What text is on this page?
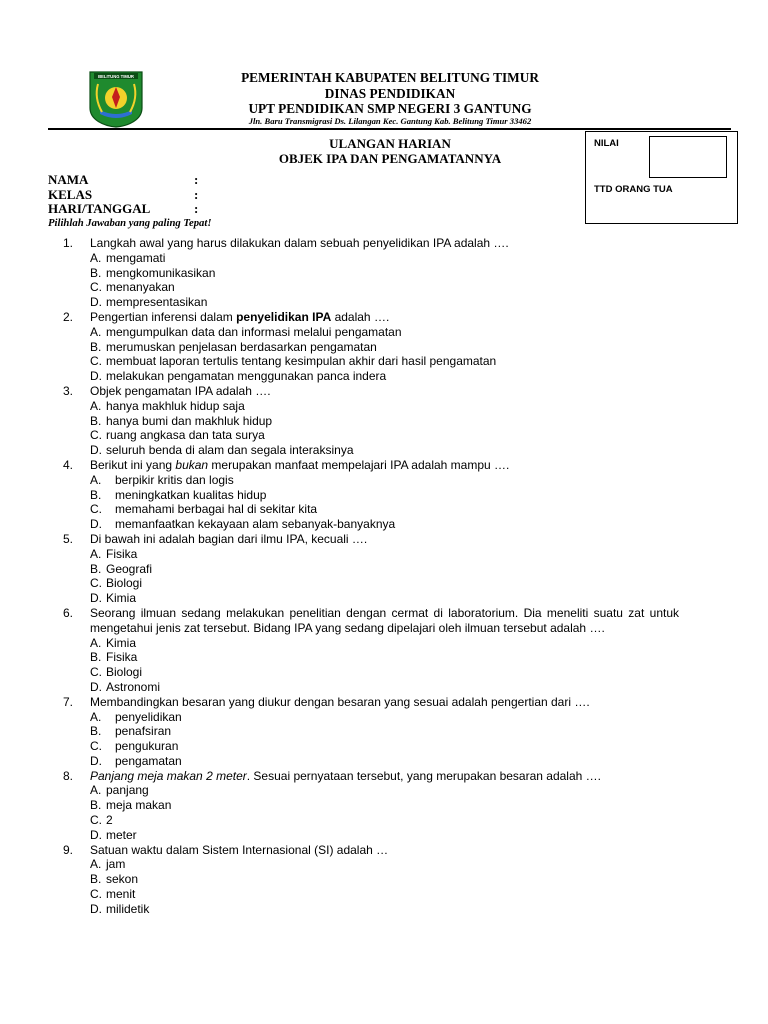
BELITUNG TIMUR	PEMERINTAH KABUPATEN BELITUNG TIMUR
DINAS PENDIDIKAN
UPT PENDIDIKAN SMP NEGERI 3 GANTUNG
Jln. Baru Transmigrasi Ds. Lilangan Kec. Gantung Kab. Belitung Timur 33462
ULANGAN HARIAN
OBJEK IPA DAN PENGAMATANNYA
NAMA	:
KELAS	:
HARI/TANGGAL	:
NILAI
TTD ORANG TUA
Pilihlah Jawaban yang paling Tepat!
1.	Langkah awal yang harus dilakukan dalam sebuah penyelidikan IPA adalah ….
A. mengamati
B. mengkomunikasikan
C. menanyakan
D. mempresentasikan
2.	Pengertian inferensi dalam penyelidikan IPA adalah ….
A. mengumpulkan data dan informasi melalui pengamatan
B. merumuskan penjelasan berdasarkan pengamatan
C. membuat laporan tertulis tentang kesimpulan akhir dari hasil pengamatan
D. melakukan pengamatan menggunakan panca indera
3.	Objek pengamatan IPA adalah ….
A. hanya makhluk hidup saja
B. hanya bumi dan makhluk hidup
C. ruang angkasa dan tata surya
D. seluruh benda di alam dan segala interaksinya
4.	Berikut ini yang bukan merupakan manfaat mempelajari IPA adalah mampu ….
A.	berpikir kritis dan logis
B.	meningkatkan kualitas hidup
C.	memahami berbagai hal di sekitar kita
D.	memanfaatkan kekayaan alam sebanyak-banyaknya
5.	Di bawah ini adalah bagian dari ilmu IPA, kecuali ….
A. Fisika
B. Geografi
C. Biologi
D. Kimia
6.	Seorang ilmuan sedang melakukan penelitian dengan cermat di laboratorium. Dia meneliti suatu zat untuk mengetahui jenis zat tersebut. Bidang IPA yang sedang dipelajari oleh ilmuan tersebut adalah ….
A. Kimia
B. Fisika
C. Biologi
D. Astronomi
7.	Membandingkan besaran yang diukur dengan besaran yang sesuai adalah pengertian dari ….
A.	penyelidikan
B.	penafsiran
C.	pengukuran
D.	pengamatan
8.	Panjang meja makan 2 meter. Sesuai pernyataan tersebut, yang merupakan besaran adalah ….
A. panjang
B. meja makan
C. 2
D. meter
9.	Satuan waktu dalam Sistem Internasional (SI) adalah …
A. jam
B. sekon
C. menit
D. milidetik
